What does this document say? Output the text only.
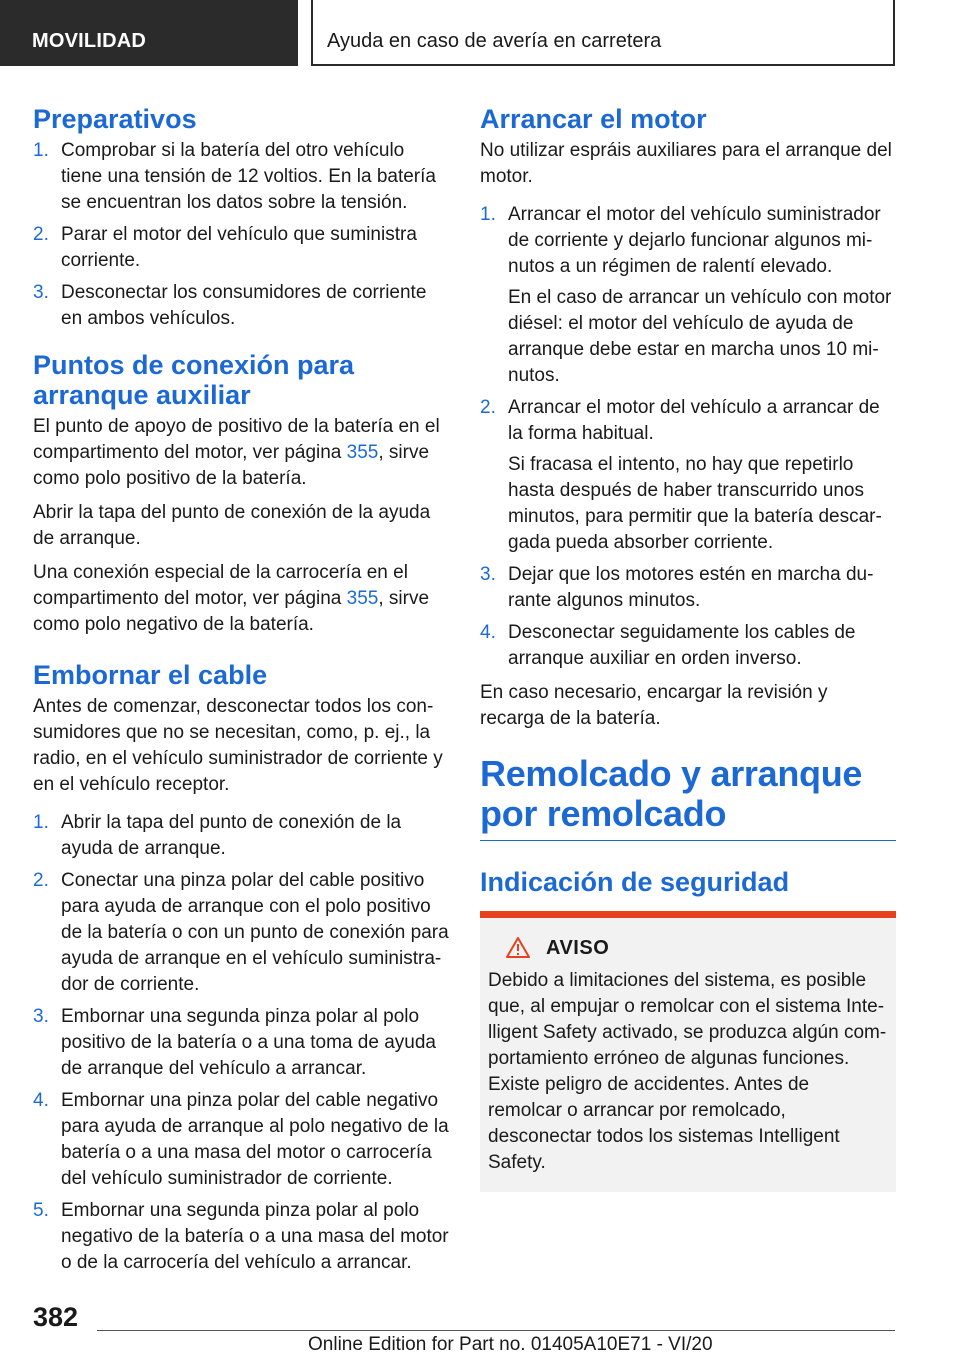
MOVILIDAD	Ayuda en caso de avería en carretera
Preparativos
1. Comprobar si la batería del otro vehículo tiene una tensión de 12 voltios. En la batería se encuentran los datos sobre la tensión.
2. Parar el motor del vehículo que suministra corriente.
3. Desconectar los consumidores de corriente en ambos vehículos.
Puntos de conexión para arranque auxiliar

El punto de apoyo de positivo de la batería en el compartimento del motor, ver página 355, sirve como polo positivo de la batería.

Abrir la tapa del punto de conexión de la ayuda de arranque.

Una conexión especial de la carrocería en el compartimento del motor, ver página 355, sirve como polo negativo de la batería.

Embornar el cable

Antes de comenzar, desconectar todos los consumidores que no se necesitan, como, p. ej., la radio, en el vehículo suministrador de corriente y en el vehículo receptor.

1. Abrir la tapa del punto de conexión de la ayuda de arranque.
2. Conectar una pinza polar del cable positivo para ayuda de arranque con el polo positivo de la batería o con un punto de conexión para ayuda de arranque en el vehículo suministrador de corriente.
3. Embornar una segunda pinza polar al polo positivo de la batería o a una toma de ayuda de arranque del vehículo a arrancar.
4. Embornar una pinza polar del cable negativo para ayuda de arranque al polo negativo de la batería o a una masa del motor o carrocería del vehículo suministrador de corriente.
5. Embornar una segunda pinza polar al polo negativo de la batería o a una masa del motor o de la carrocería del vehículo a arrancar.
Arrancar el motor

No utilizar espráis auxiliares para el arranque del motor.

1. Arrancar el motor del vehículo suministrador de corriente y dejarlo funcionar algunos minutos a un régimen de ralentí elevado.

En el caso de arrancar un vehículo con motor diésel: el motor del vehículo de ayuda de arranque debe estar en marcha unos 10 minutos.

2. Arrancar el motor del vehículo a arrancar de la forma habitual.

Si fracasa el intento, no hay que repetirlo hasta después de haber transcurrido unos minutos, para permitir que la batería descargada pueda absorber corriente.

3. Dejar que los motores estén en marcha durante algunos minutos.
4. Desconectar seguidamente los cables de arranque auxiliar en orden inverso.

En caso necesario, encargar la revisión y recarga de la batería.

Remolcado y arranque por remolcado
Indicación de seguridad
AVISO

Debido a limitaciones del sistema, es posible que, al empujar o remolcar con el sistema Intelligent Safety activado, se produzca algún comportamiento erróneo de algunas funciones. Existe peligro de accidentes. Antes de remolcar o arrancar por remolcado, desconectar todos los sistemas Intelligent Safety.

382
Online Edition for Part no. 01405A10E71 - VI/20
